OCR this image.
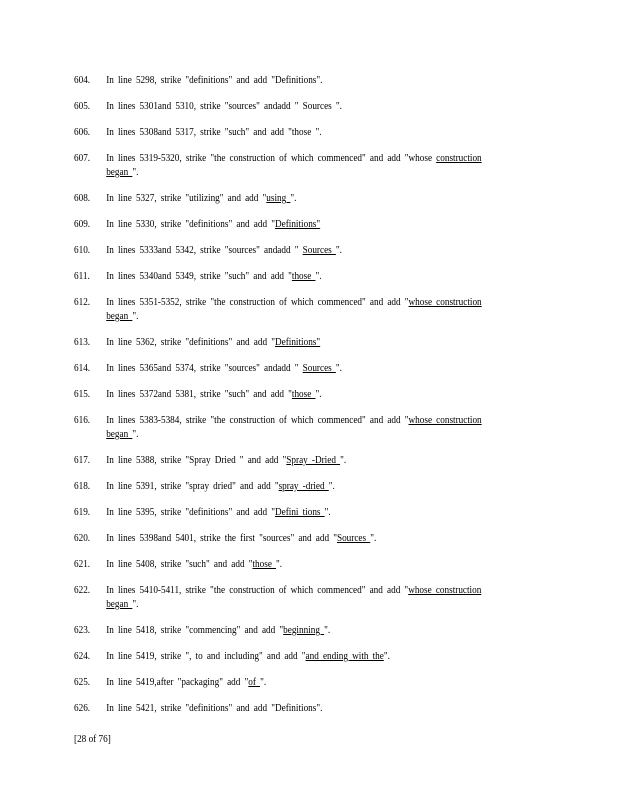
604.	In line 5298, strike "definitions" and add "Definitions".
605.	In lines 5301and 5310, strike "sources" andadd " Sources ".
606.	In lines 5308and 5317, strike "such" and add "those ".
607.	In lines 5319-5320, strike "the construction of which commenced" and add "whose construction began ".
608.	In line 5327, strike "utilizing" and add "using ".
609.	In line 5330, strike "definitions" and add "Definitions"
610.	In lines 5333and 5342, strike "sources" andadd " Sources ".
611.	In lines 5340and 5349, strike "such" and add "those ".
612.	In lines 5351-5352, strike "the construction of which commenced" and add "whose construction began ".
613.	In line 5362, strike "definitions" and add "Definitions"
614.	In lines 5365and 5374, strike "sources" andadd " Sources ".
615.	In lines 5372and 5381, strike "such" and add "those ".
616.	In lines 5383-5384, strike "the construction of which commenced" and add "whose construction began ".
617.	In line 5388, strike "Spray Dried " and add "Spray -Dried ".
618.	In line 5391, strike "spray dried" and add "spray -dried ".
619.	In line 5395, strike "definitions" and add "Defini tions ".
620.	In lines 5398and 5401, strike the first "sources" and add "Sources ".
621.	In line 5408, strike "such" and add "those ".
622.	In lines 5410-5411, strike "the construction of which commenced" and add "whose construction began ".
623.	In line 5418, strike "commencing" and add "beginning ".
624.	In line 5419, strike ", to and including" and add "and ending with the".
625.	In line 5419,after "packaging" add "of ".
626.	In line 5421, strike "definitions" and add "Definitions".
[28 of 76]
